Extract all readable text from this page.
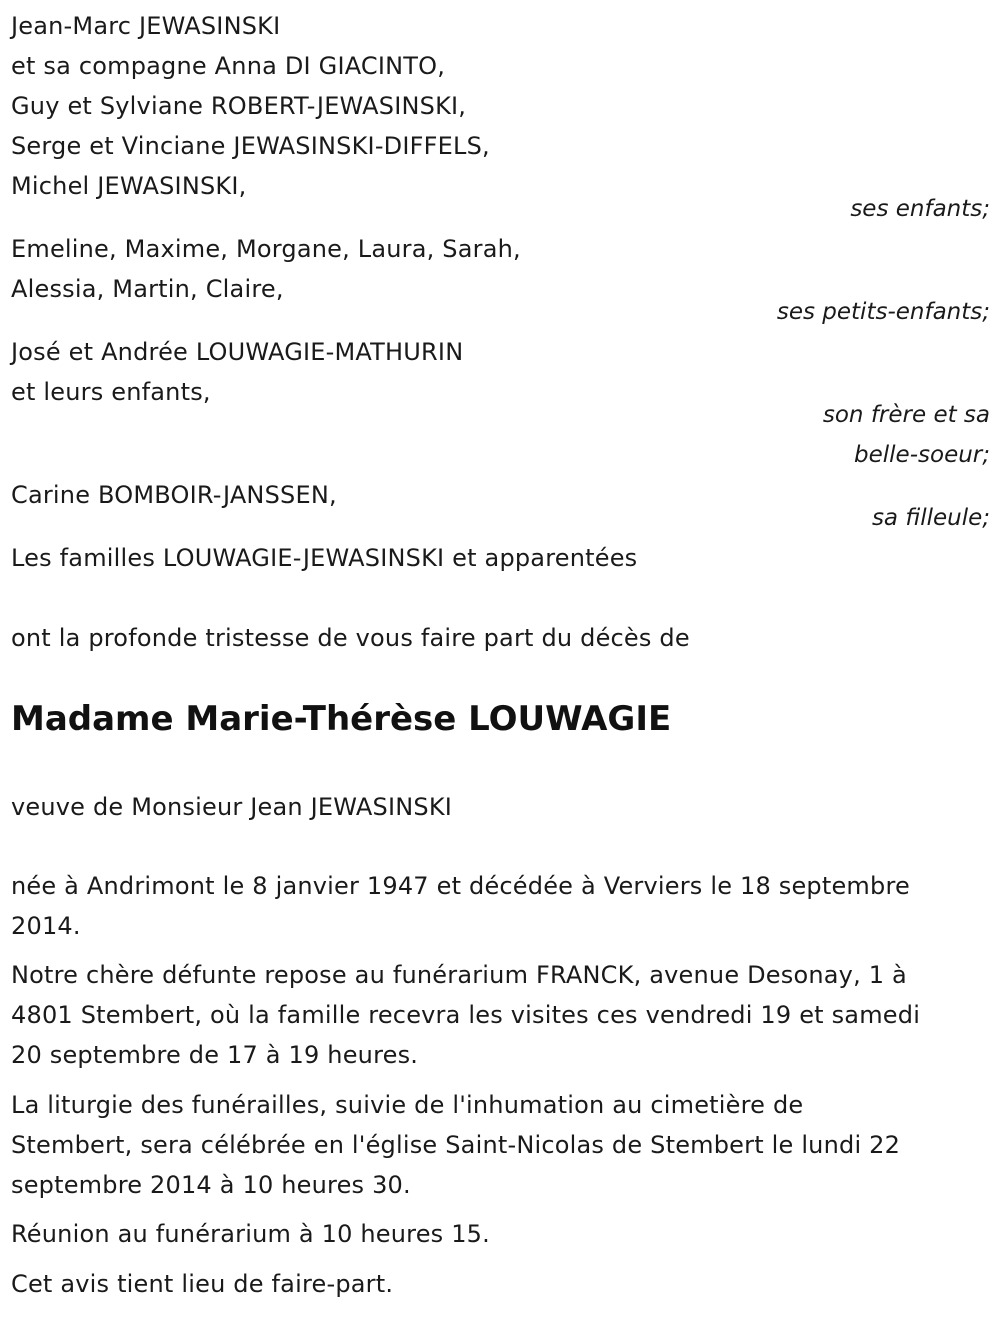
Jean-Marc JEWASINSKI
et sa compagne Anna DI GIACINTO,
Guy et Sylviane ROBERT-JEWASINSKI,
Serge et Vinciane JEWASINSKI-DIFFELS,
Michel JEWASINSKI,
ses enfants;
Emeline, Maxime, Morgane, Laura, Sarah,
Alessia, Martin, Claire,
ses petits-enfants;
José et Andrée LOUWAGIE-MATHURIN
et leurs enfants,
son frère et sa
belle-soeur;
Carine BOMBOIR-JANSSEN,
sa filleule;
Les familles LOUWAGIE-JEWASINSKI et apparentées
ont la profonde tristesse de vous faire part du décès de
Madame Marie-Thérèse LOUWAGIE
veuve de Monsieur Jean JEWASINSKI
née à Andrimont le 8 janvier 1947 et décédée à Verviers le 18 septembre
2014.
Notre chère défunte repose au funérarium FRANCK, avenue Desonay, 1 à
4801 Stembert, où la famille recevra les visites ces vendredi 19 et samedi
20 septembre de 17 à 19 heures.
La liturgie des funérailles, suivie de l'inhumation au cimetière de
Stembert, sera célébrée en l'église Saint-Nicolas de Stembert le lundi 22
septembre 2014 à 10 heures 30.
Réunion au funérarium à 10 heures 15.
Cet avis tient lieu de faire-part.
